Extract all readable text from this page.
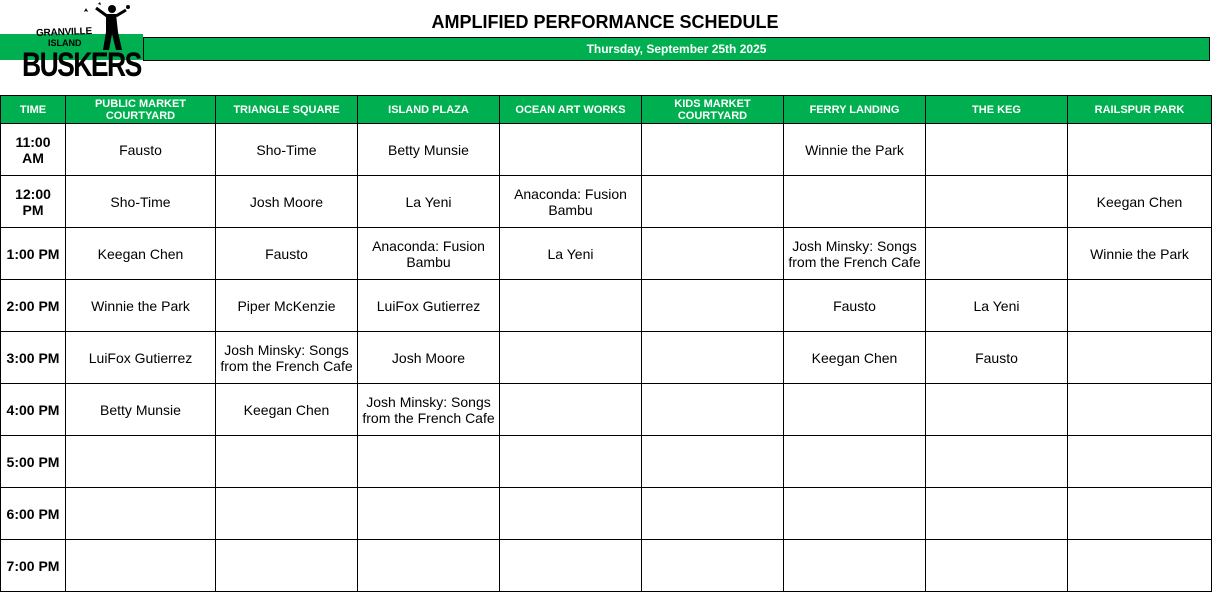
GRANVILLE
ISLAND
BUSKERS
AMPLIFIED PERFORMANCE SCHEDULE
Thursday, September 25th 2025
TIME	PUBLIC MARKET COURTYARD	TRIANGLE SQUARE	ISLAND PLAZA	OCEAN ART WORKS	KIDS MARKET COURTYARD	FERRY LANDING	THE KEG	RAILSPUR PARK
11:00 AM	Fausto	Sho-Time	Betty Munsie			Winnie the Park		
12:00 PM	Sho-Time	Josh Moore	La Yeni	Anaconda: Fusion Bambu				Keegan Chen
1:00 PM	Keegan Chen	Fausto	Anaconda: Fusion Bambu	La Yeni		Josh Minsky: Songs from the French Cafe		Winnie the Park
2:00 PM	Winnie the Park	Piper McKenzie	LuiFox Gutierrez			Fausto	La Yeni	
3:00 PM	LuiFox Gutierrez	Josh Minsky: Songs from the French Cafe	Josh Moore			Keegan Chen	Fausto	
4:00 PM	Betty Munsie	Keegan Chen	Josh Minsky: Songs from the French Cafe					
5:00 PM								
6:00 PM								
7:00 PM								
